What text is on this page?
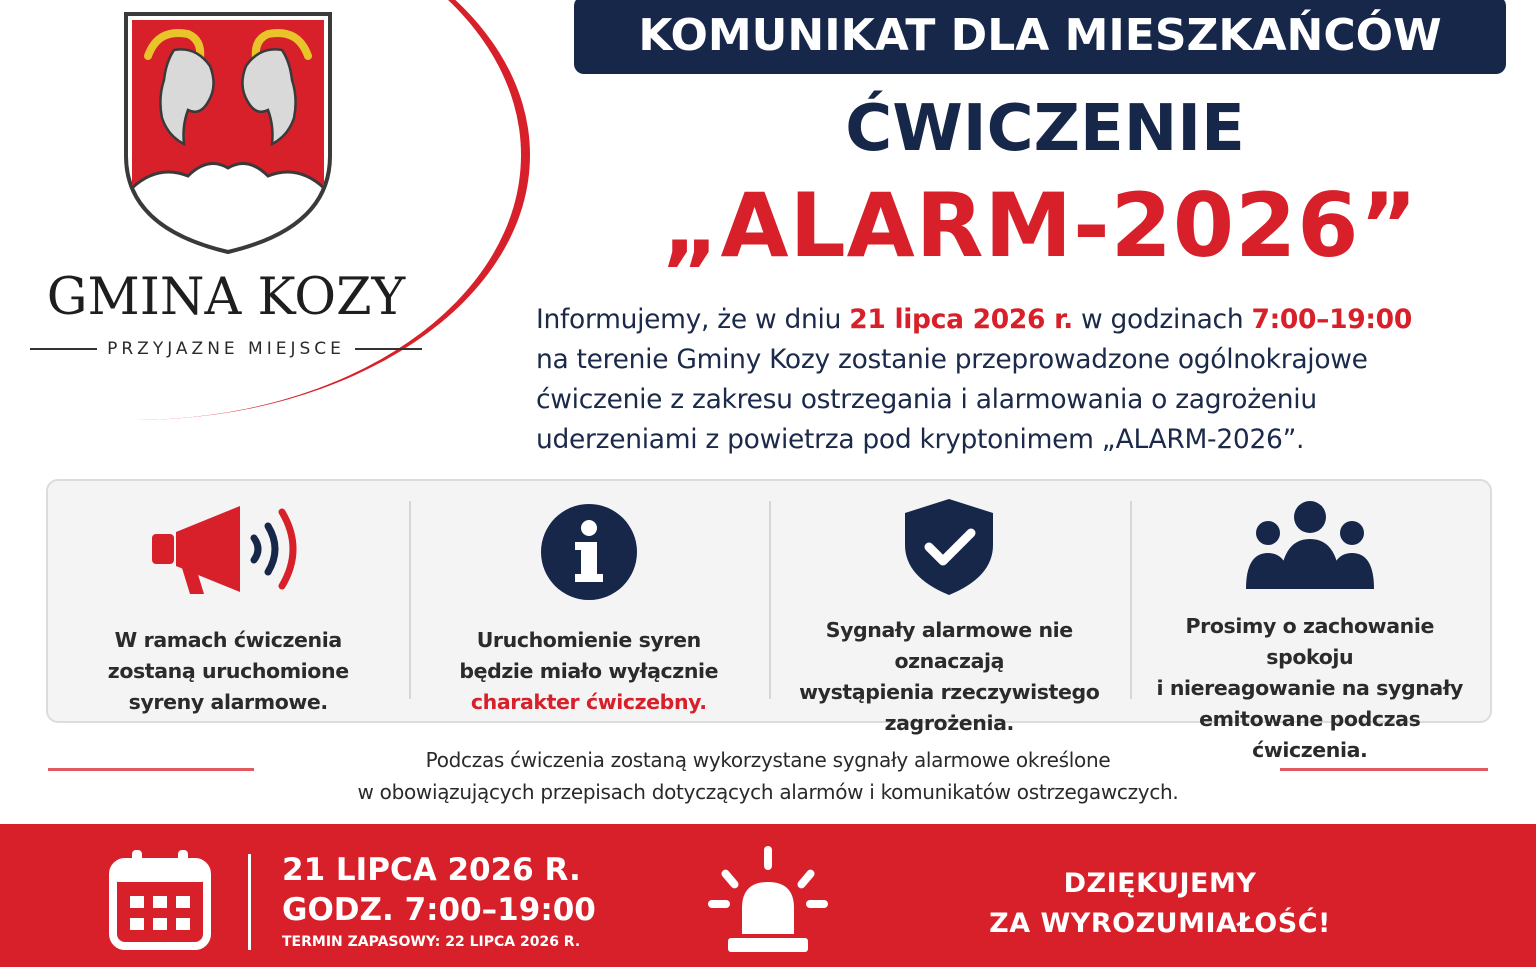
GMINA KOZY
PRZYJAZNE MIEJSCE
KOMUNIKAT DLA MIESZKAŃCÓW
ĆWICZENIE
„ALARM-2026”
Informujemy, że w dniu 21 lipca 2026 r. w godzinach 7:00–19:00
na terenie Gminy Kozy zostanie przeprowadzone ogólnokrajowe
ćwiczenie z zakresu ostrzegania i alarmowania o zagrożeniu
uderzeniami z powietrza pod kryptonimem „ALARM-2026”.
W ramach ćwiczenia
zostaną uruchomione
syreny alarmowe.
Uruchomienie syren
będzie miało wyłącznie
charakter ćwiczebny.
Sygnały alarmowe nie oznaczają
wystąpienia rzeczywistego
zagrożenia.
Prosimy o zachowanie spokoju
i niereagowanie na sygnały
emitowane podczas ćwiczenia.
Podczas ćwiczenia zostaną wykorzystane sygnały alarmowe określone
w obowiązujących przepisach dotyczących alarmów i komunikatów ostrzegawczych.
21 LIPCA 2026 R.
GODZ. 7:00–19:00
TERMIN ZAPASOWY: 22 LIPCA 2026 R.
DZIĘKUJEMY
ZA WYROZUMIAŁOŚĆ!
